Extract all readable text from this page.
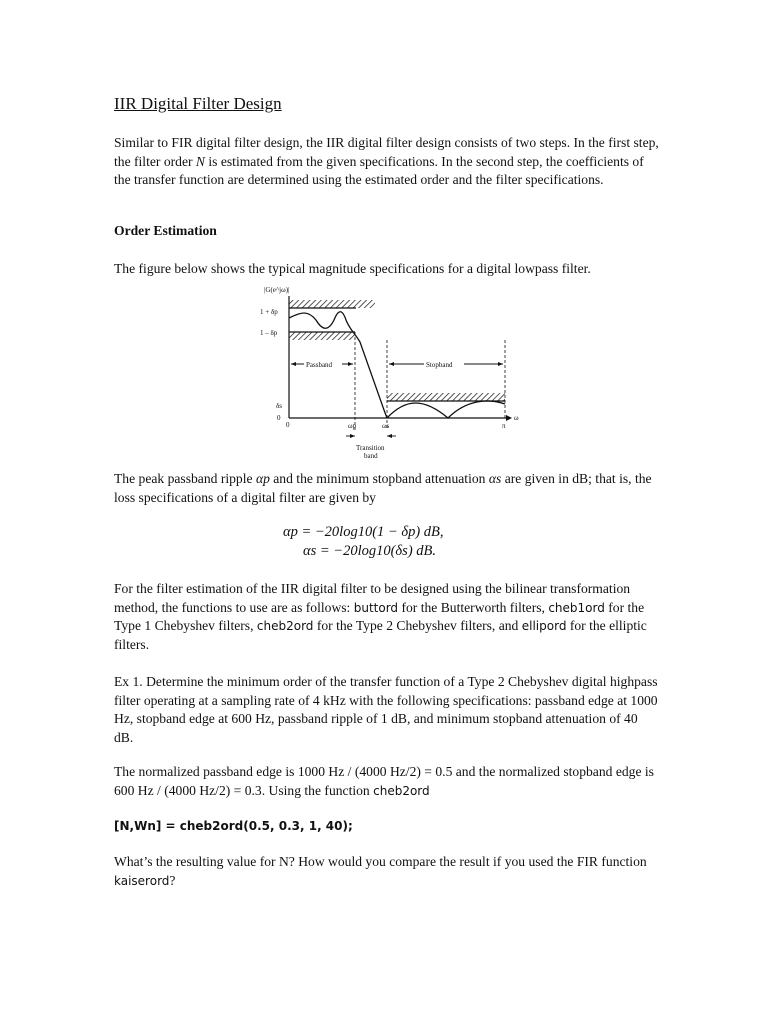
IIR Digital Filter Design

Similar to FIR digital filter design, the IIR digital filter design consists of two steps. In the first step, the filter order N is estimated from the given specifications. In the second step, the coefficients of the transfer function are determined using the estimated order and the filter specifications.

Order Estimation

The figure below shows the typical magnitude specifications for a digital lowpass filter.

Passband	Stopband
|G(e^jω)|
1 + δp
1 – δp
δs
0
0	ωp	ωs	π
ω
Transition
band

The peak passband ripple αp and the minimum stopband attenuation αs are given in dB; that is, the loss specifications of a digital filter are given by

αp = −20log10(1 − δp) dB,
αs = −20log10(δs) dB.

For the filter estimation of the IIR digital filter to be designed using the bilinear transformation method, the functions to use are as follows: buttord for the Butterworth filters, cheb1ord for the Type 1 Chebyshev filters, cheb2ord for the Type 2 Chebyshev filters, and ellipord for the elliptic filters.

Ex 1. Determine the minimum order of the transfer function of a Type 2 Chebyshev digital highpass filter operating at a sampling rate of 4 kHz with the following specifications: passband edge at 1000 Hz, stopband edge at 600 Hz, passband ripple of 1 dB, and minimum stopband attenuation of 40 dB.

The normalized passband edge is 1000 Hz / (4000 Hz/2) = 0.5 and the normalized stopband edge is 600 Hz / (4000 Hz/2) = 0.3. Using the function cheb2ord

[N,Wn] = cheb2ord(0.5, 0.3, 1, 40);

What’s the resulting value for N? How would you compare the result if you used the FIR function kaiserord?
